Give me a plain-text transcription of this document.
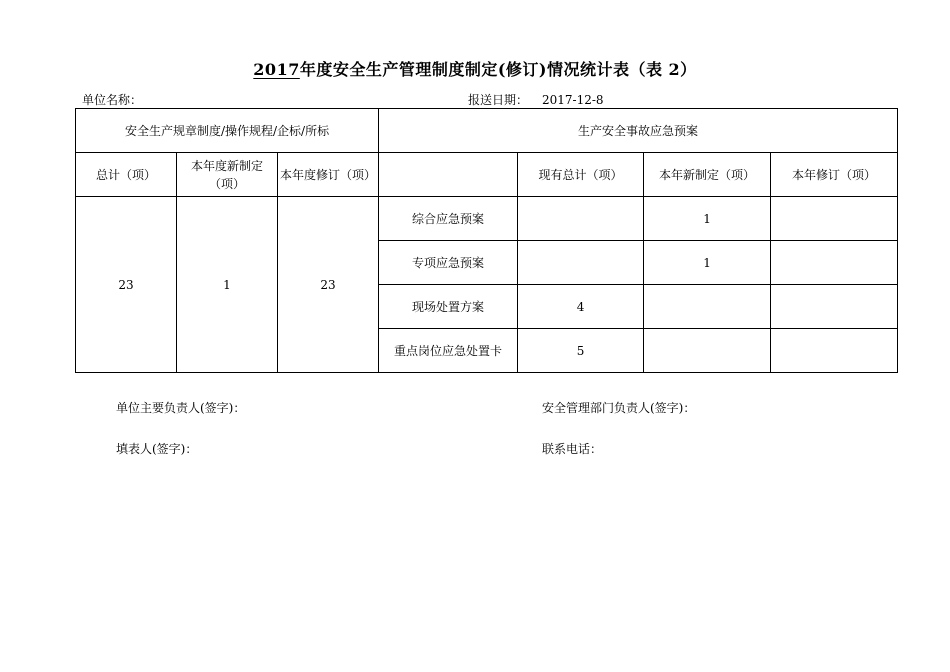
2017年度安全生产管理制度制定(修订)情况统计表（表 2）
单位名称：	报送日期： 2017-12-8
安全生产规章制度/操作规程/企标/所标			生产安全事故应急预案			
总计（项）	本年度新制定（项）	本年度修订（项）		现有总计（项）	本年新制定（项）	本年修订（项）
23	1	23	综合应急预案		1	
			专项应急预案		1	
			现场处置方案	4		
			重点岗位应急处置卡	5		
单位主要负责人(签字)：	安全管理部门负责人(签字)：
填表人(签字)：	联系电话：
